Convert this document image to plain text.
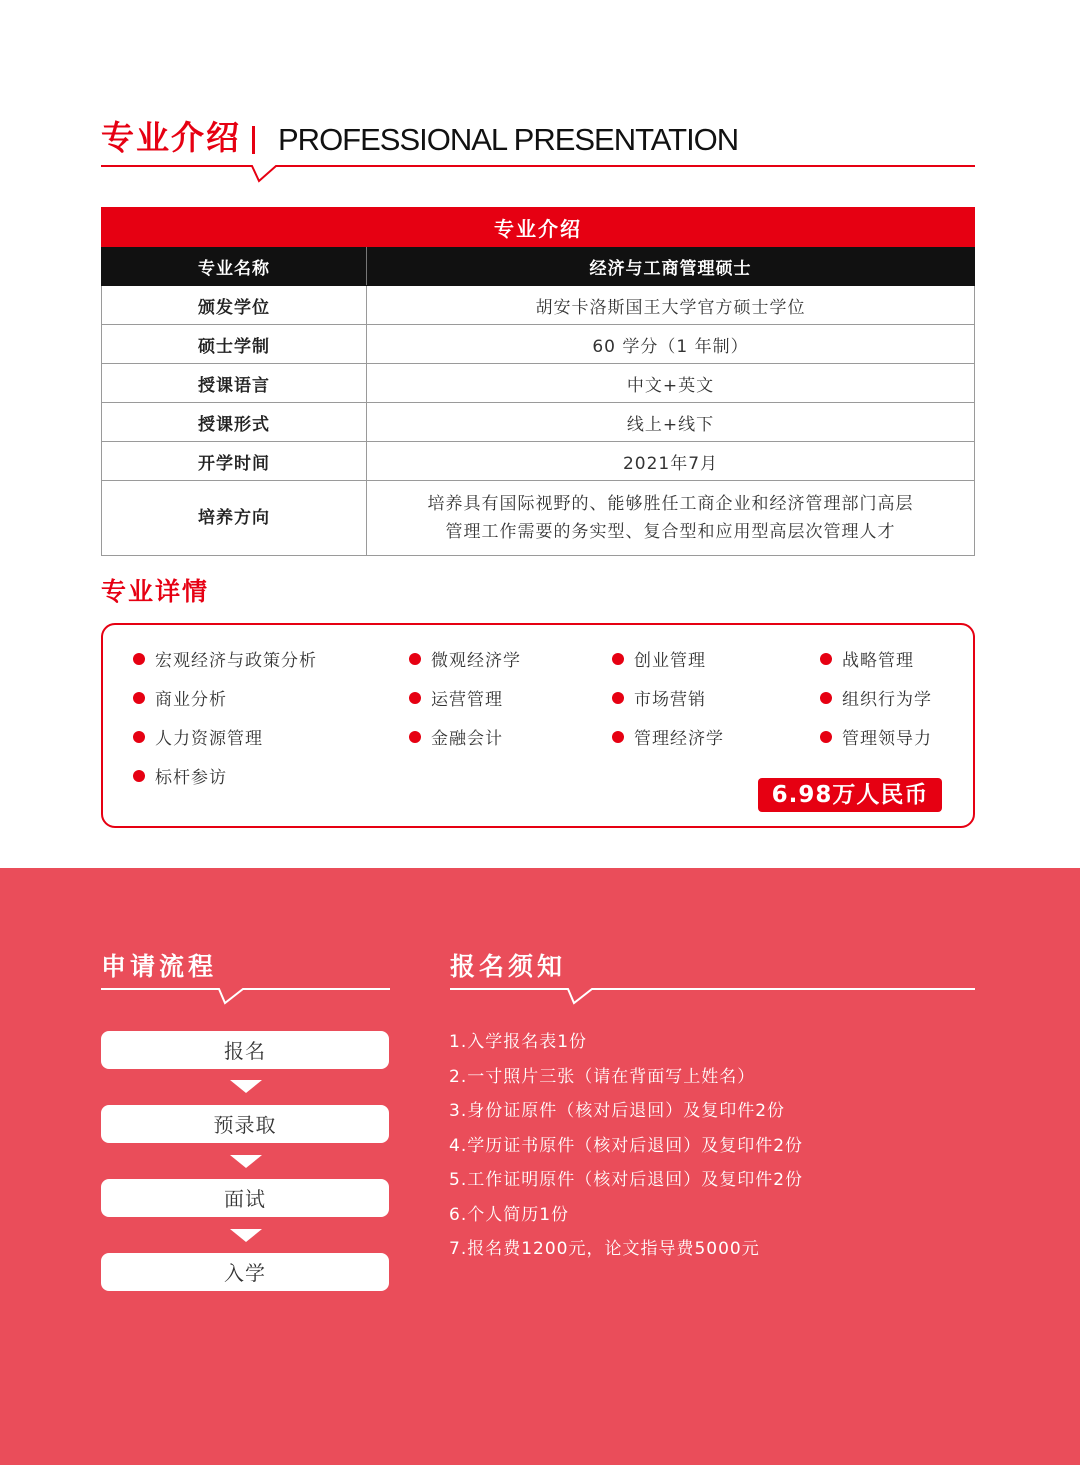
专业介绍 PROFESSIONAL PRESENTATION
专业介绍	
专业名称	经济与工商管理硕士
颁发学位	胡安卡洛斯国王大学官方硕士学位
硕士学制	60 学分（1 年制）
授课语言	中文+英文
授课形式	线上+线下
开学时间	2021年7月
培养方向	培养具有国际视野的、能够胜任工商企业和经济管理部门高层
管理工作需要的务实型、复合型和应用型高层次管理人才
专业详情
宏观经济与政策分析	微观经济学	创业管理	战略管理
商业分析	运营管理	市场营销	组织行为学
人力资源管理	金融会计	管理经济学	管理领导力
标杆参访
6.98万人民币
申请流程	报名须知
报名
预录取
面试
入学
1.入学报名表1份
2.一寸照片三张（请在背面写上姓名）
3.身份证原件（核对后退回）及复印件2份
4.学历证书原件（核对后退回）及复印件2份
5.工作证明原件（核对后退回）及复印件2份
6.个人简历1份
7.报名费1200元，论文指导费5000元
